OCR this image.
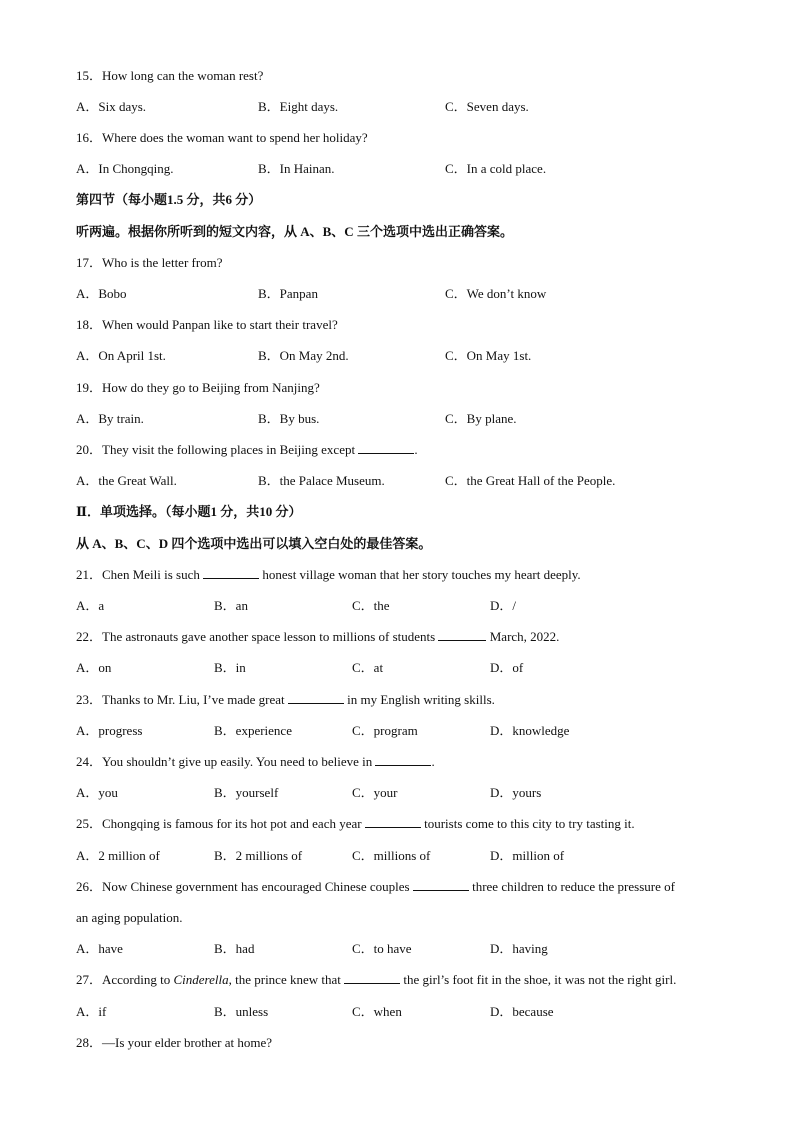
15．How long can the woman rest?
A．Six days.	B．Eight days.	C．Seven days.
16．Where does the woman want to spend her holiday?
A．In Chongqing.	B．In Hainan.	C．In a cold place.
第四节（每小题1.5 分，共6 分）
听两遍。根据你所听到的短文内容，从 A、B、C 三个选项中选出正确答案。
17．Who is the letter from?
A．Bobo	B．Panpan	C．We don’t know
18．When would Panpan like to start their travel?
A．On April 1st.	B．On May 2nd.	C．On May 1st.
19．How do they go to Beijing from Nanjing?
A．By train.	B．By bus.	C．By plane.
20．They visit the following places in Beijing except	.
A．the Great Wall.	B．the Palace Museum.	C．the Great Hall of the People.
Ⅱ．单项选择。（每小题1 分，共10 分）
从 A、B、C、D 四个选项中选出可以填入空白处的最佳答案。
21．Chen Meili is such	honest village woman that her story touches my heart deeply.
A．a	B．an	C．the	D．/
22．The astronauts gave another space lesson to millions of students	March, 2022.
A．on	B．in	C．at	D．of
23．Thanks to Mr. Liu, I’ve made great	in my English writing skills.
A．progress	B．experience	C．program	D．knowledge
24．You shouldn’t give up easily. You need to believe in	.
A．you	B．yourself	C．your	D．yours
25．Chongqing is famous for its hot pot and each year	tourists come to this city to try tasting it.
A．2 million of	B．2 millions of	C．millions of	D．million of
26．Now Chinese government has encouraged Chinese couples	three children to reduce the pressure of
an aging population.
A．have	B．had	C．to have	D．having
27．According to Cinderella, the prince knew that	the girl’s foot fit in the shoe, it was not the right girl.
A．if	B．unless	C．when	D．because
28．—Is your elder brother at home?
